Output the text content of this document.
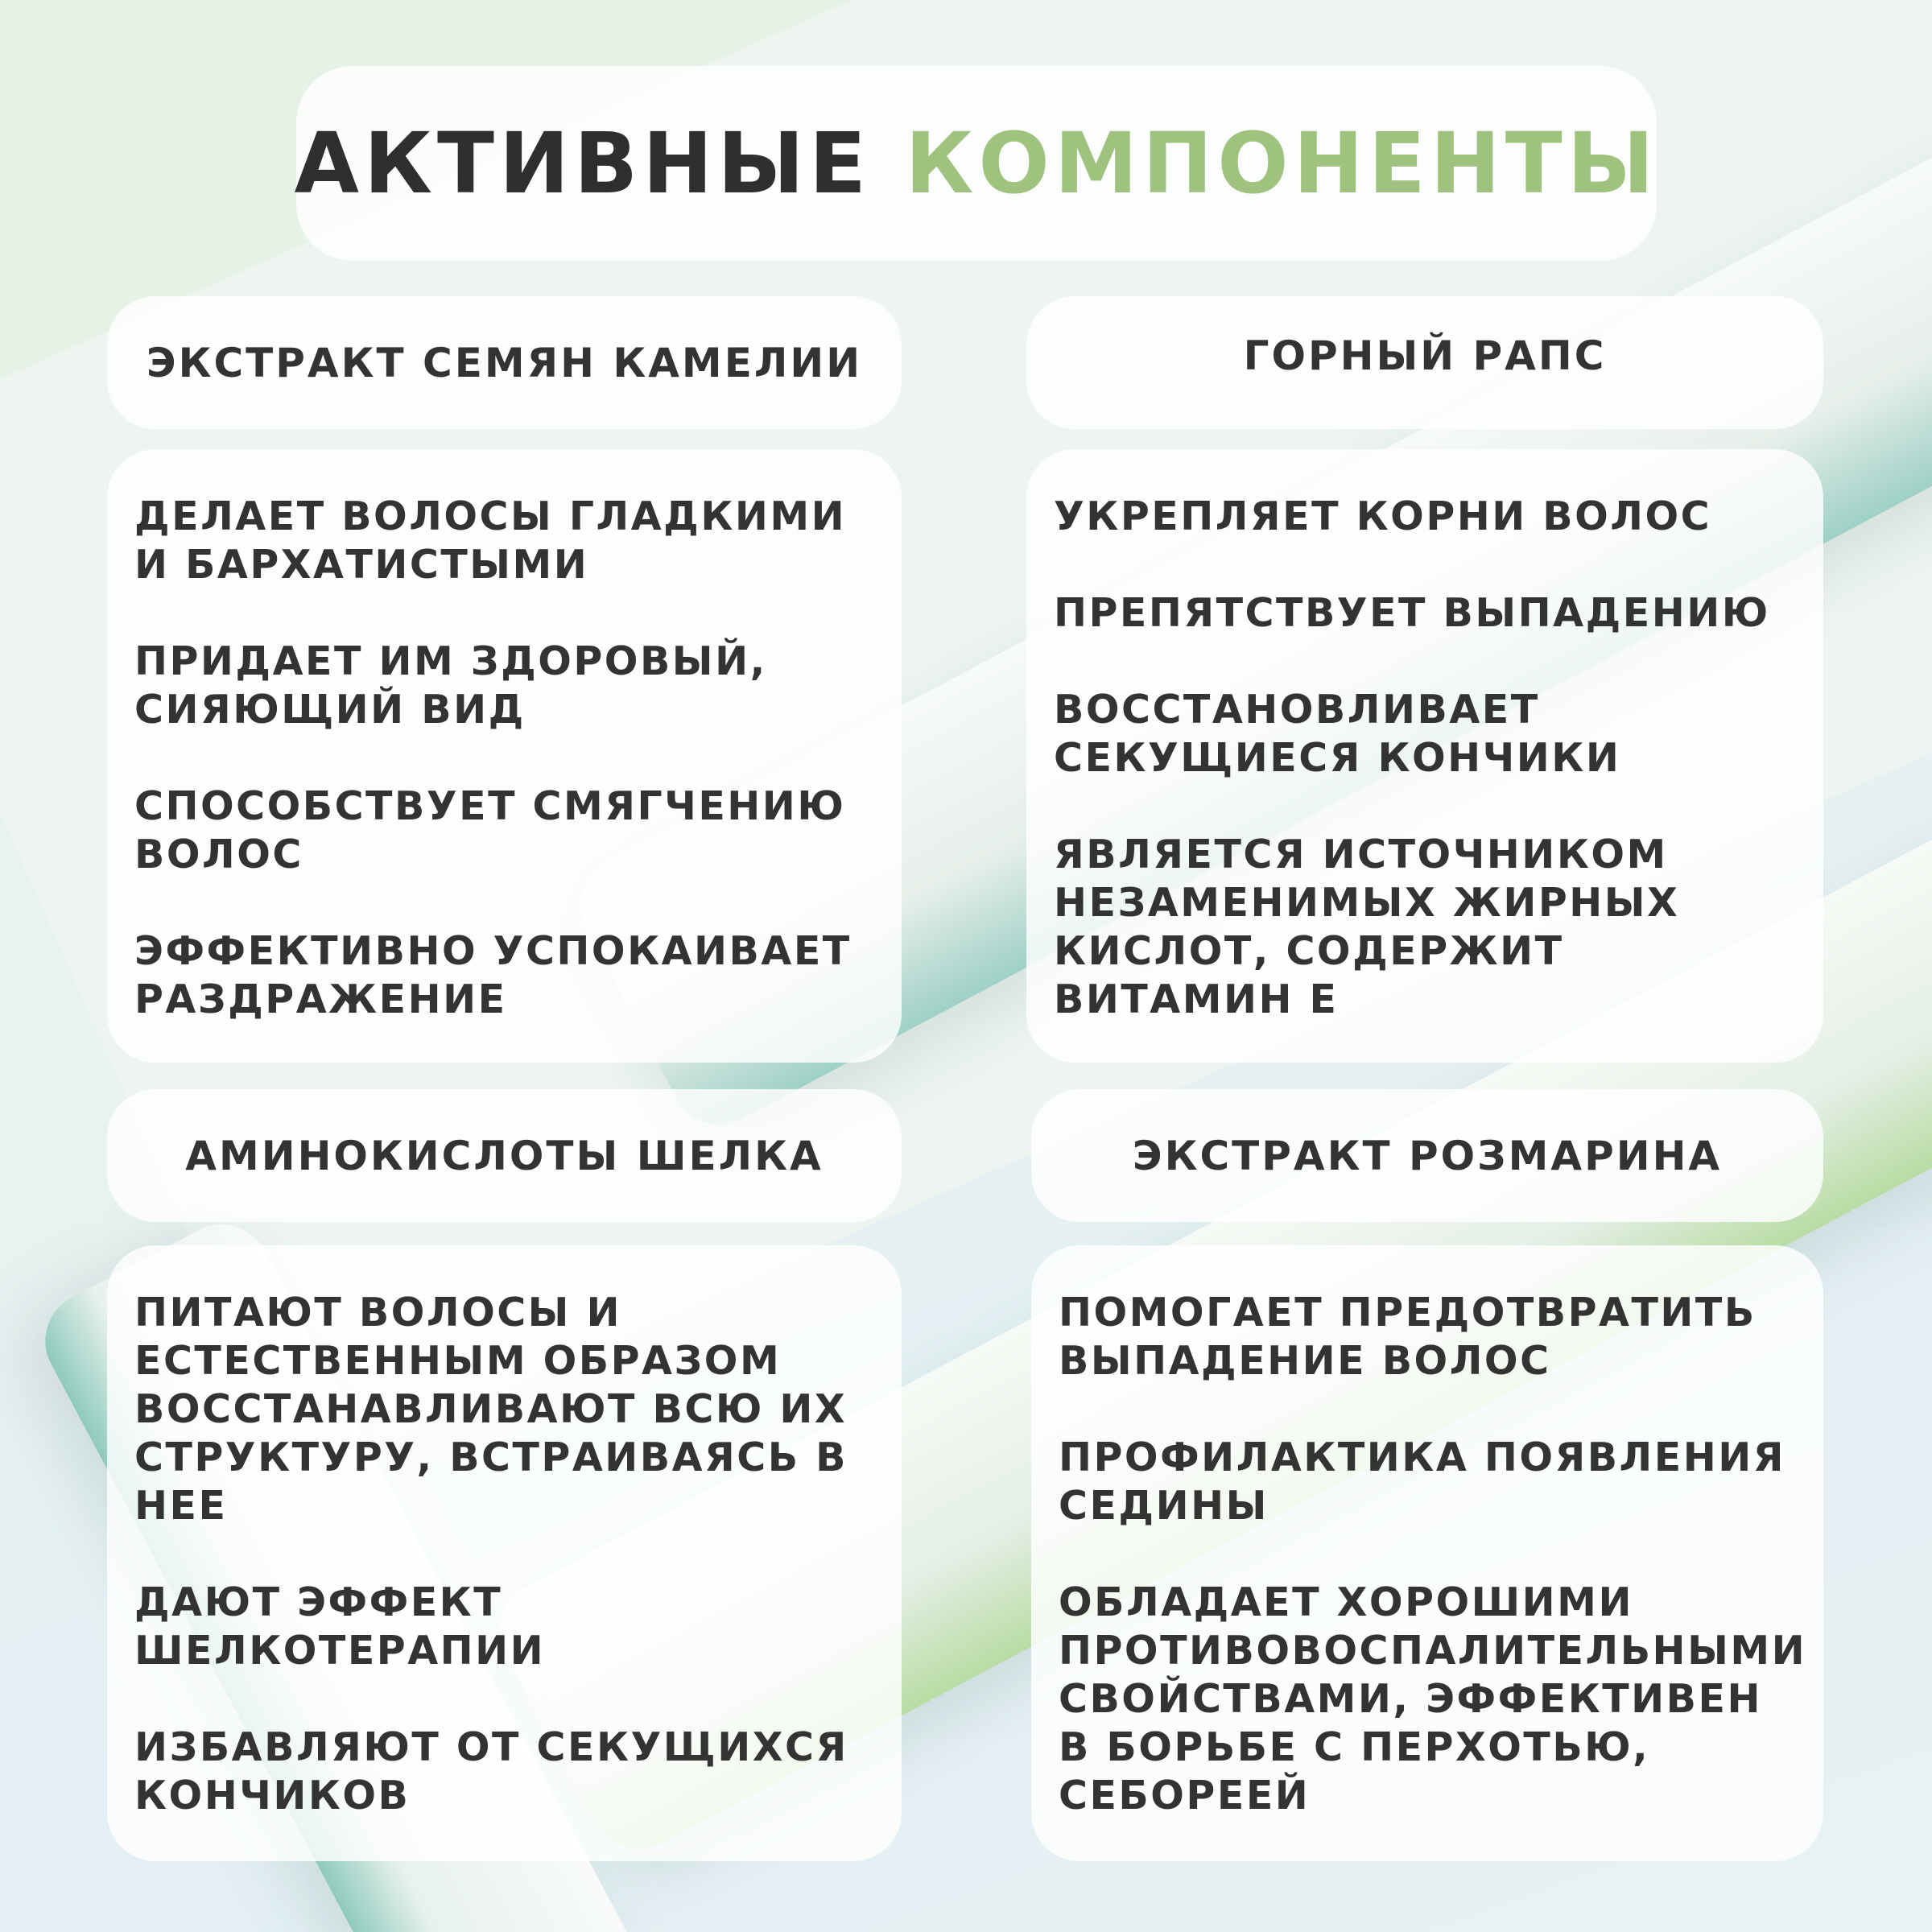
АКТИВНЫЕ КОМПОНЕНТЫ
ЭКСТРАКТ СЕМЯН КАМЕЛИИ

ДЕЛАЕТ ВОЛОСЫ ГЛАДКИМИ И БАРХАТИСТЫМИ

ПРИДАЕТ ИМ ЗДОРОВЫЙ, СИЯЮЩИЙ ВИД

СПОСОБСТВУЕТ СМЯГЧЕНИЮ ВОЛОС

ЭФФЕКТИВНО УСПОКАИВАЕТ РАЗДРАЖЕНИЕ

ГОРНЫЙ РАПС

УКРЕПЛЯЕТ КОРНИ ВОЛОС

ПРЕПЯТСТВУЕТ ВЫПАДЕНИЮ

ВОССТАНОВЛИВАЕТ СЕКУЩИЕСЯ КОНЧИКИ

ЯВЛЯЕТСЯ ИСТОЧНИКОМ НЕЗАМЕНИМЫХ ЖИРНЫХ КИСЛОТ, СОДЕРЖИТ ВИТАМИН Е

АМИНОКИСЛОТЫ ШЕЛКА

ПИТАЮТ ВОЛОСЫ И ЕСТЕСТВЕННЫМ ОБРАЗОМ ВОССТАНАВЛИВАЮТ ВСЮ ИХ СТРУКТУРУ, ВСТРАИВАЯСЬ В НЕЕ

ДАЮТ ЭФФЕКТ ШЕЛКОТЕРАПИИ

ИЗБАВЛЯЮТ ОТ СЕКУЩИХСЯ КОНЧИКОВ

ЭКСТРАКТ РОЗМАРИНА

ПОМОГАЕТ ПРЕДОТВРАТИТЬ ВЫПАДЕНИЕ ВОЛОС

ПРОФИЛАКТИКА ПОЯВЛЕНИЯ СЕДИНЫ

ОБЛАДАЕТ ХОРОШИМИ ПРОТИВОВОСПАЛИТЕЛЬНЫМИ СВОЙСТВАМИ, ЭФФЕКТИВЕН В БОРЬБЕ С ПЕРХОТЬЮ, СЕБОРЕЕЙ
